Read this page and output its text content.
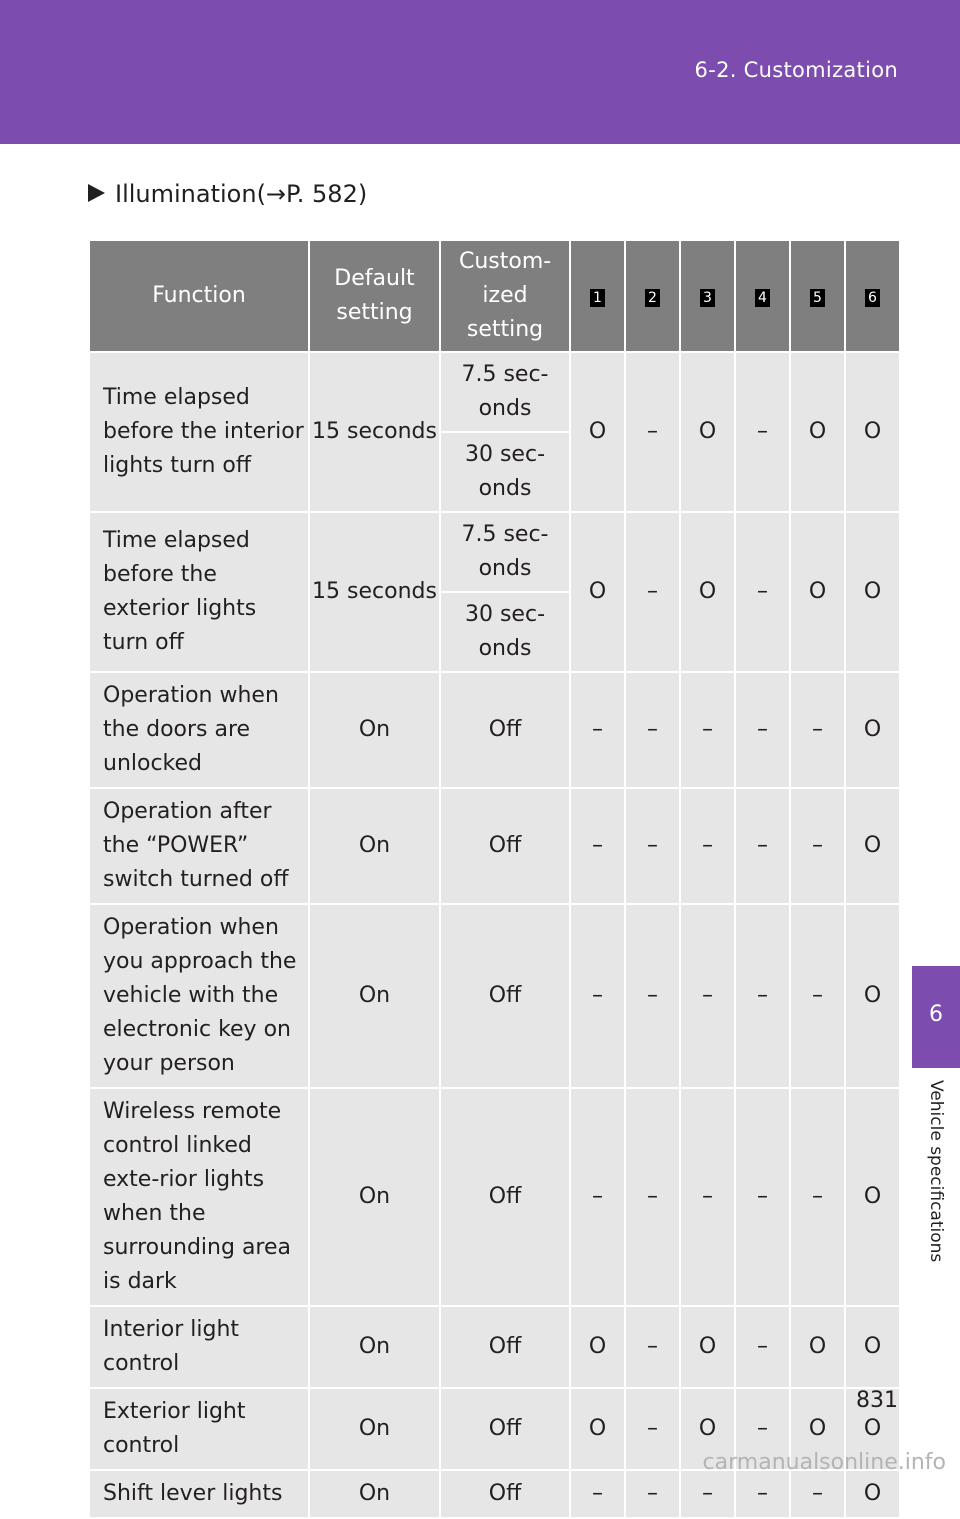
6-2. Customization
6
Vehicle specifications
Illumination(→P. 582)
Function	Default setting	Custom-ized setting	1	2	3	4	5	6
Time elapsed before the interior lights turn off	15 seconds	7.5 sec-onds	O	–	O	–	O	O
		30 sec-onds						
Time elapsed before the exterior lights turn off	15 seconds	7.5 sec-onds	O	–	O	–	O	O
		30 sec-onds						
Operation when the doors are unlocked	On	Off	–	–	–	–	–	O
Operation after the “POWER” switch turned off	On	Off	–	–	–	–	–	O
Operation when you approach the vehicle with the electronic key on your person	On	Off	–	–	–	–	–	O
Wireless remote control linked exte-rior lights when the surrounding area is dark	On	Off	–	–	–	–	–	O
Interior light control	On	Off	O	–	O	–	O	O
Exterior light control	On	Off	O	–	O	–	O	O
Shift lever lights	On	Off	–	–	–	–	–	O
831
carmanualsonline.info
